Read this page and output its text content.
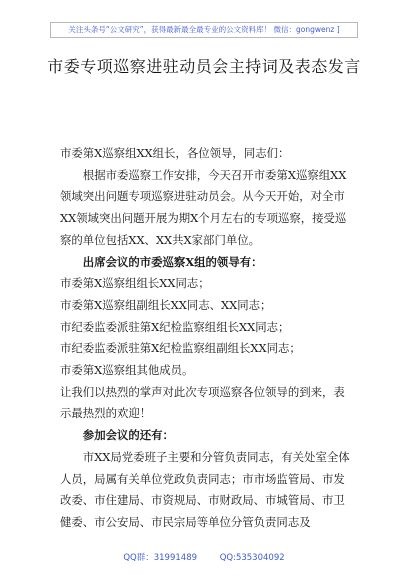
关注头条号“公文研究”，获得最新最全最专业的公文资料库！ 微信：gongwenz ]
市委专项巡察进驻动员会主持词及表态发言

市委第X巡察组XX组长，各位领导，同志们：

根据市委巡察工作安排，今天召开市委第X巡察组XX领域突出问题专项巡察进驻动员会。从今天开始，对全市XX领域突出问题开展为期X个月左右的专项巡察，接受巡察的单位包括XX、XX共X家部门单位。

出席会议的市委巡察X组的领导有：

市委第X巡察组组长XX同志；

市委第X巡察组副组长XX同志、XX同志；

市纪委监委派驻第X纪检监察组组长XX同志；

市纪委监委派驻第X纪检监察组副组长XX同志；

市委第X巡察组其他成员。

让我们以热烈的掌声对此次专项巡察各位领导的到来，表示最热烈的欢迎！

参加会议的还有：

市XX局党委班子主要和分管负责同志，有关处室全体人员，局属有关单位党政负责同志；市市场监管局、市发改委、市住建局、市资规局、市财政局、市城管局、市卫健委、市公安局、市民宗局等单位分管负责同志及

QQ群：31991489	QQ:535304092
